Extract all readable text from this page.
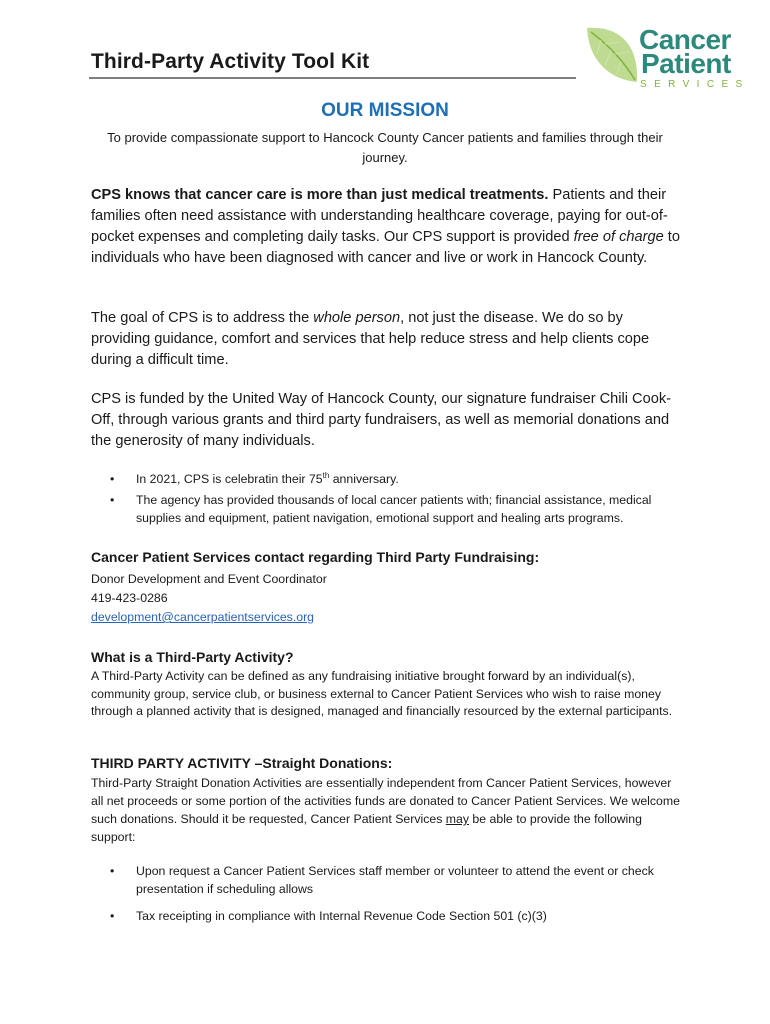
Third-Party Activity Tool Kit
Cancer
Patient
SERVICES
OUR MISSION
To provide compassionate support to Hancock County Cancer patients and families through their journey.
CPS knows that cancer care is more than just medical treatments. Patients and their families often need assistance with understanding healthcare coverage, paying for out-of-pocket expenses and completing daily tasks. Our CPS support is provided free of charge to individuals who have been diagnosed with cancer and live or work in Hancock County.
The goal of CPS is to address the whole person, not just the disease. We do so by providing guidance, comfort and services that help reduce stress and help clients cope during a difficult time.
CPS is funded by the United Way of Hancock County, our signature fundraiser Chili Cook-Off, through various grants and third party fundraisers, as well as memorial donations and the generosity of many individuals.
• In 2021, CPS is celebratin their 75th anniversary.
• The agency has provided thousands of local cancer patients with; financial assistance, medical supplies and equipment, patient navigation, emotional support and healing arts programs.
Cancer Patient Services contact regarding Third Party Fundraising:
Donor Development and Event Coordinator
419-423-0286
development@cancerpatientservices.org
What is a Third-Party Activity?
A Third-Party Activity can be defined as any fundraising initiative brought forward by an individual(s), community group, service club, or business external to Cancer Patient Services who wish to raise money through a planned activity that is designed, managed and financially resourced by the external participants.
THIRD PARTY ACTIVITY –Straight Donations:
Third-Party Straight Donation Activities are essentially independent from Cancer Patient Services, however all net proceeds or some portion of the activities funds are donated to Cancer Patient Services. We welcome such donations. Should it be requested, Cancer Patient Services may be able to provide the following support:
• Upon request a Cancer Patient Services staff member or volunteer to attend the event or check presentation if scheduling allows
• Tax receipting in compliance with Internal Revenue Code Section 501 (c)(3)
